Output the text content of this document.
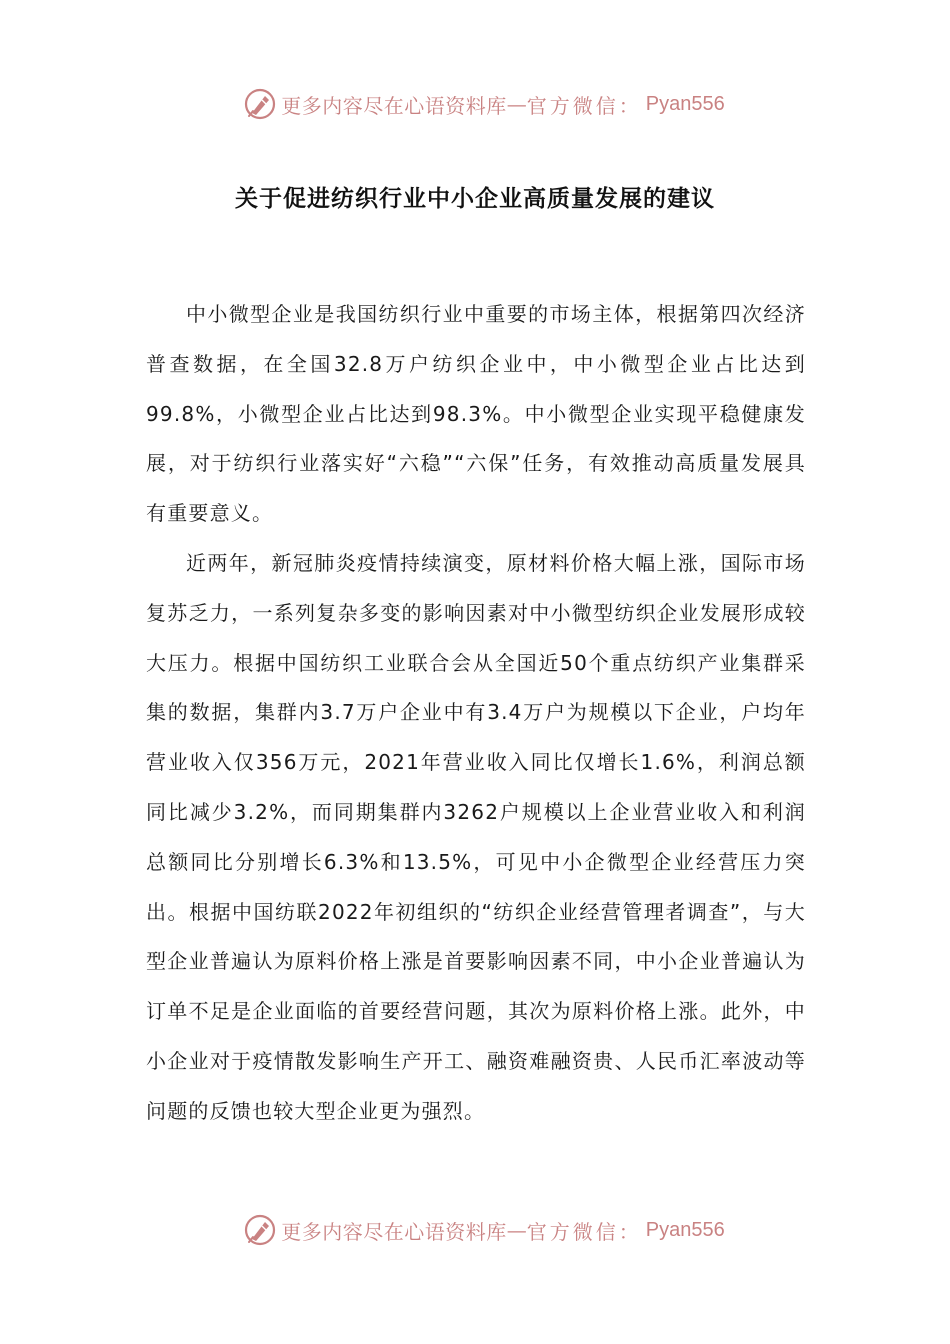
更多内容尽在心语资料库 — 官方微信： Pyan556
关于促进纺织行业中小企业高质量发展的建议

中小微型企业是我国纺织行业中重要的市场主体，根据第四次经济普查数据，在全国32.8万户纺织企业中，中小微型企业占比达到99.8%，小微型企业占比达到98.3%。中小微型企业实现平稳健康发展，对于纺织行业落实好“六稳”“六保”任务，有效推动高质量发展具有重要意义。

近两年，新冠肺炎疫情持续演变，原材料价格大幅上涨，国际市场复苏乏力，一系列复杂多变的影响因素对中小微型纺织企业发展形成较大压力。根据中国纺织工业联合会从全国近50个重点纺织产业集群采集的数据，集群内3.7万户企业中有3.4万户为规模以下企业，户均年营业收入仅356万元，2021年营业收入同比仅增长1.6%，利润总额同比减少3.2%，而同期集群内3262户规模以上企业营业收入和利润总额同比分别增长6.3%和13.5%，可见中小企微型企业经营压力突出。根据中国纺联2022年初组织的“纺织企业经营管理者调查”，与大型企业普遍认为原料价格上涨是首要影响因素不同，中小企业普遍认为订单不足是企业面临的首要经营问题，其次为原料价格上涨。此外，中小企业对于疫情散发影响生产开工、融资难融资贵、人民币汇率波动等问题的反馈也较大型企业更为强烈。

更多内容尽在心语资料库 — 官方微信： Pyan556
